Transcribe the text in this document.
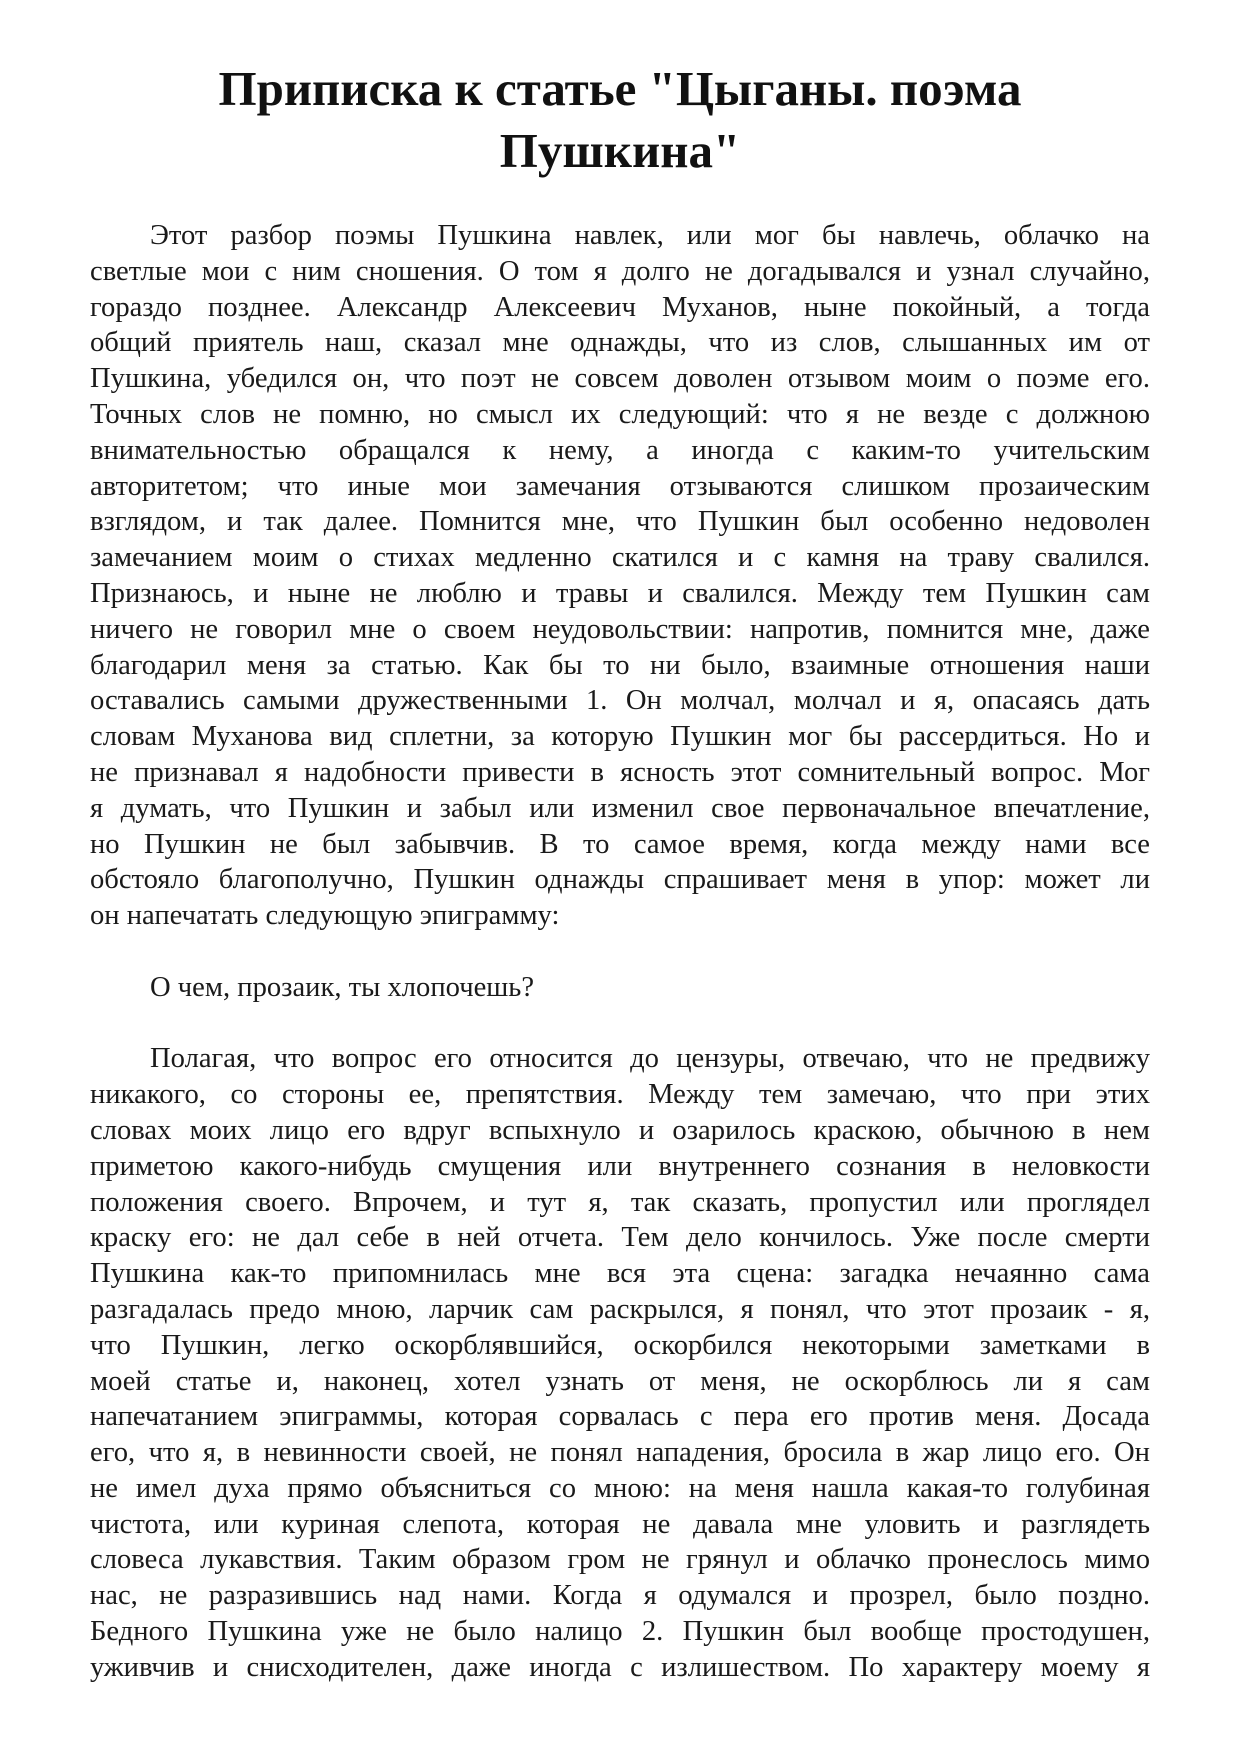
Приписка к статье "Цыганы. поэма Пушкина"
Этот разбор поэмы Пушкина навлек, или мог бы навлечь, облачко на
светлые мои с ним сношения. О том я долго не догадывался и узнал случайно,
гораздо позднее. Александр Алексеевич Муханов, ныне покойный, а тогда
общий приятель наш, сказал мне однажды, что из слов, слышанных им от
Пушкина, убедился он, что поэт не совсем доволен отзывом моим о поэме его.
Точных слов не помню, но смысл их следующий: что я не везде с должною
внимательностью обращался к нему, а иногда с каким-то учительским
авторитетом; что иные мои замечания отзываются слишком прозаическим
взглядом, и так далее. Помнится мне, что Пушкин был особенно недоволен
замечанием моим о стихах медленно скатился и с камня на траву свалился.
Признаюсь, и ныне не люблю и травы и свалился. Между тем Пушкин сам
ничего не говорил мне о своем неудовольствии: напротив, помнится мне, даже
благодарил меня за статью. Как бы то ни было, взаимные отношения наши
оставались самыми дружественными 1. Он молчал, молчал и я, опасаясь дать
словам Муханова вид сплетни, за которую Пушкин мог бы рассердиться. Но и
не признавал я надобности привести в ясность этот сомнительный вопрос. Мог
я думать, что Пушкин и забыл или изменил свое первоначальное впечатление,
но Пушкин не был забывчив. В то самое время, когда между нами все
обстояло благополучно, Пушкин однажды спрашивает меня в упор: может ли
он напечатать следующую эпиграмму:
О чем, прозаик, ты хлопочешь?
Полагая, что вопрос его относится до цензуры, отвечаю, что не предвижу
никакого, со стороны ее, препятствия. Между тем замечаю, что при этих
словах моих лицо его вдруг вспыхнуло и озарилось краскою, обычною в нем
приметою какого-нибудь смущения или внутреннего сознания в неловкости
положения своего. Впрочем, и тут я, так сказать, пропустил или проглядел
краску его: не дал себе в ней отчета. Тем дело кончилось. Уже после смерти
Пушкина как-то припомнилась мне вся эта сцена: загадка нечаянно сама
разгадалась предо мною, ларчик сам раскрылся, я понял, что этот прозаик - я,
что Пушкин, легко оскорблявшийся, оскорбился некоторыми заметками в
моей статье и, наконец, хотел узнать от меня, не оскорблюсь ли я сам
напечатанием эпиграммы, которая сорвалась с пера его против меня. Досада
его, что я, в невинности своей, не понял нападения, бросила в жар лицо его. Он
не имел духа прямо объясниться со мною: на меня нашла какая-то голубиная
чистота, или куриная слепота, которая не давала мне уловить и разглядеть
словеса лукавствия. Таким образом гром не грянул и облачко пронеслось мимо
нас, не разразившись над нами. Когда я одумался и прозрел, было поздно.
Бедного Пушкина уже не было налицо 2. Пушкин был вообще простодушен,
уживчив и снисходителен, даже иногда с излишеством. По характеру моему я
